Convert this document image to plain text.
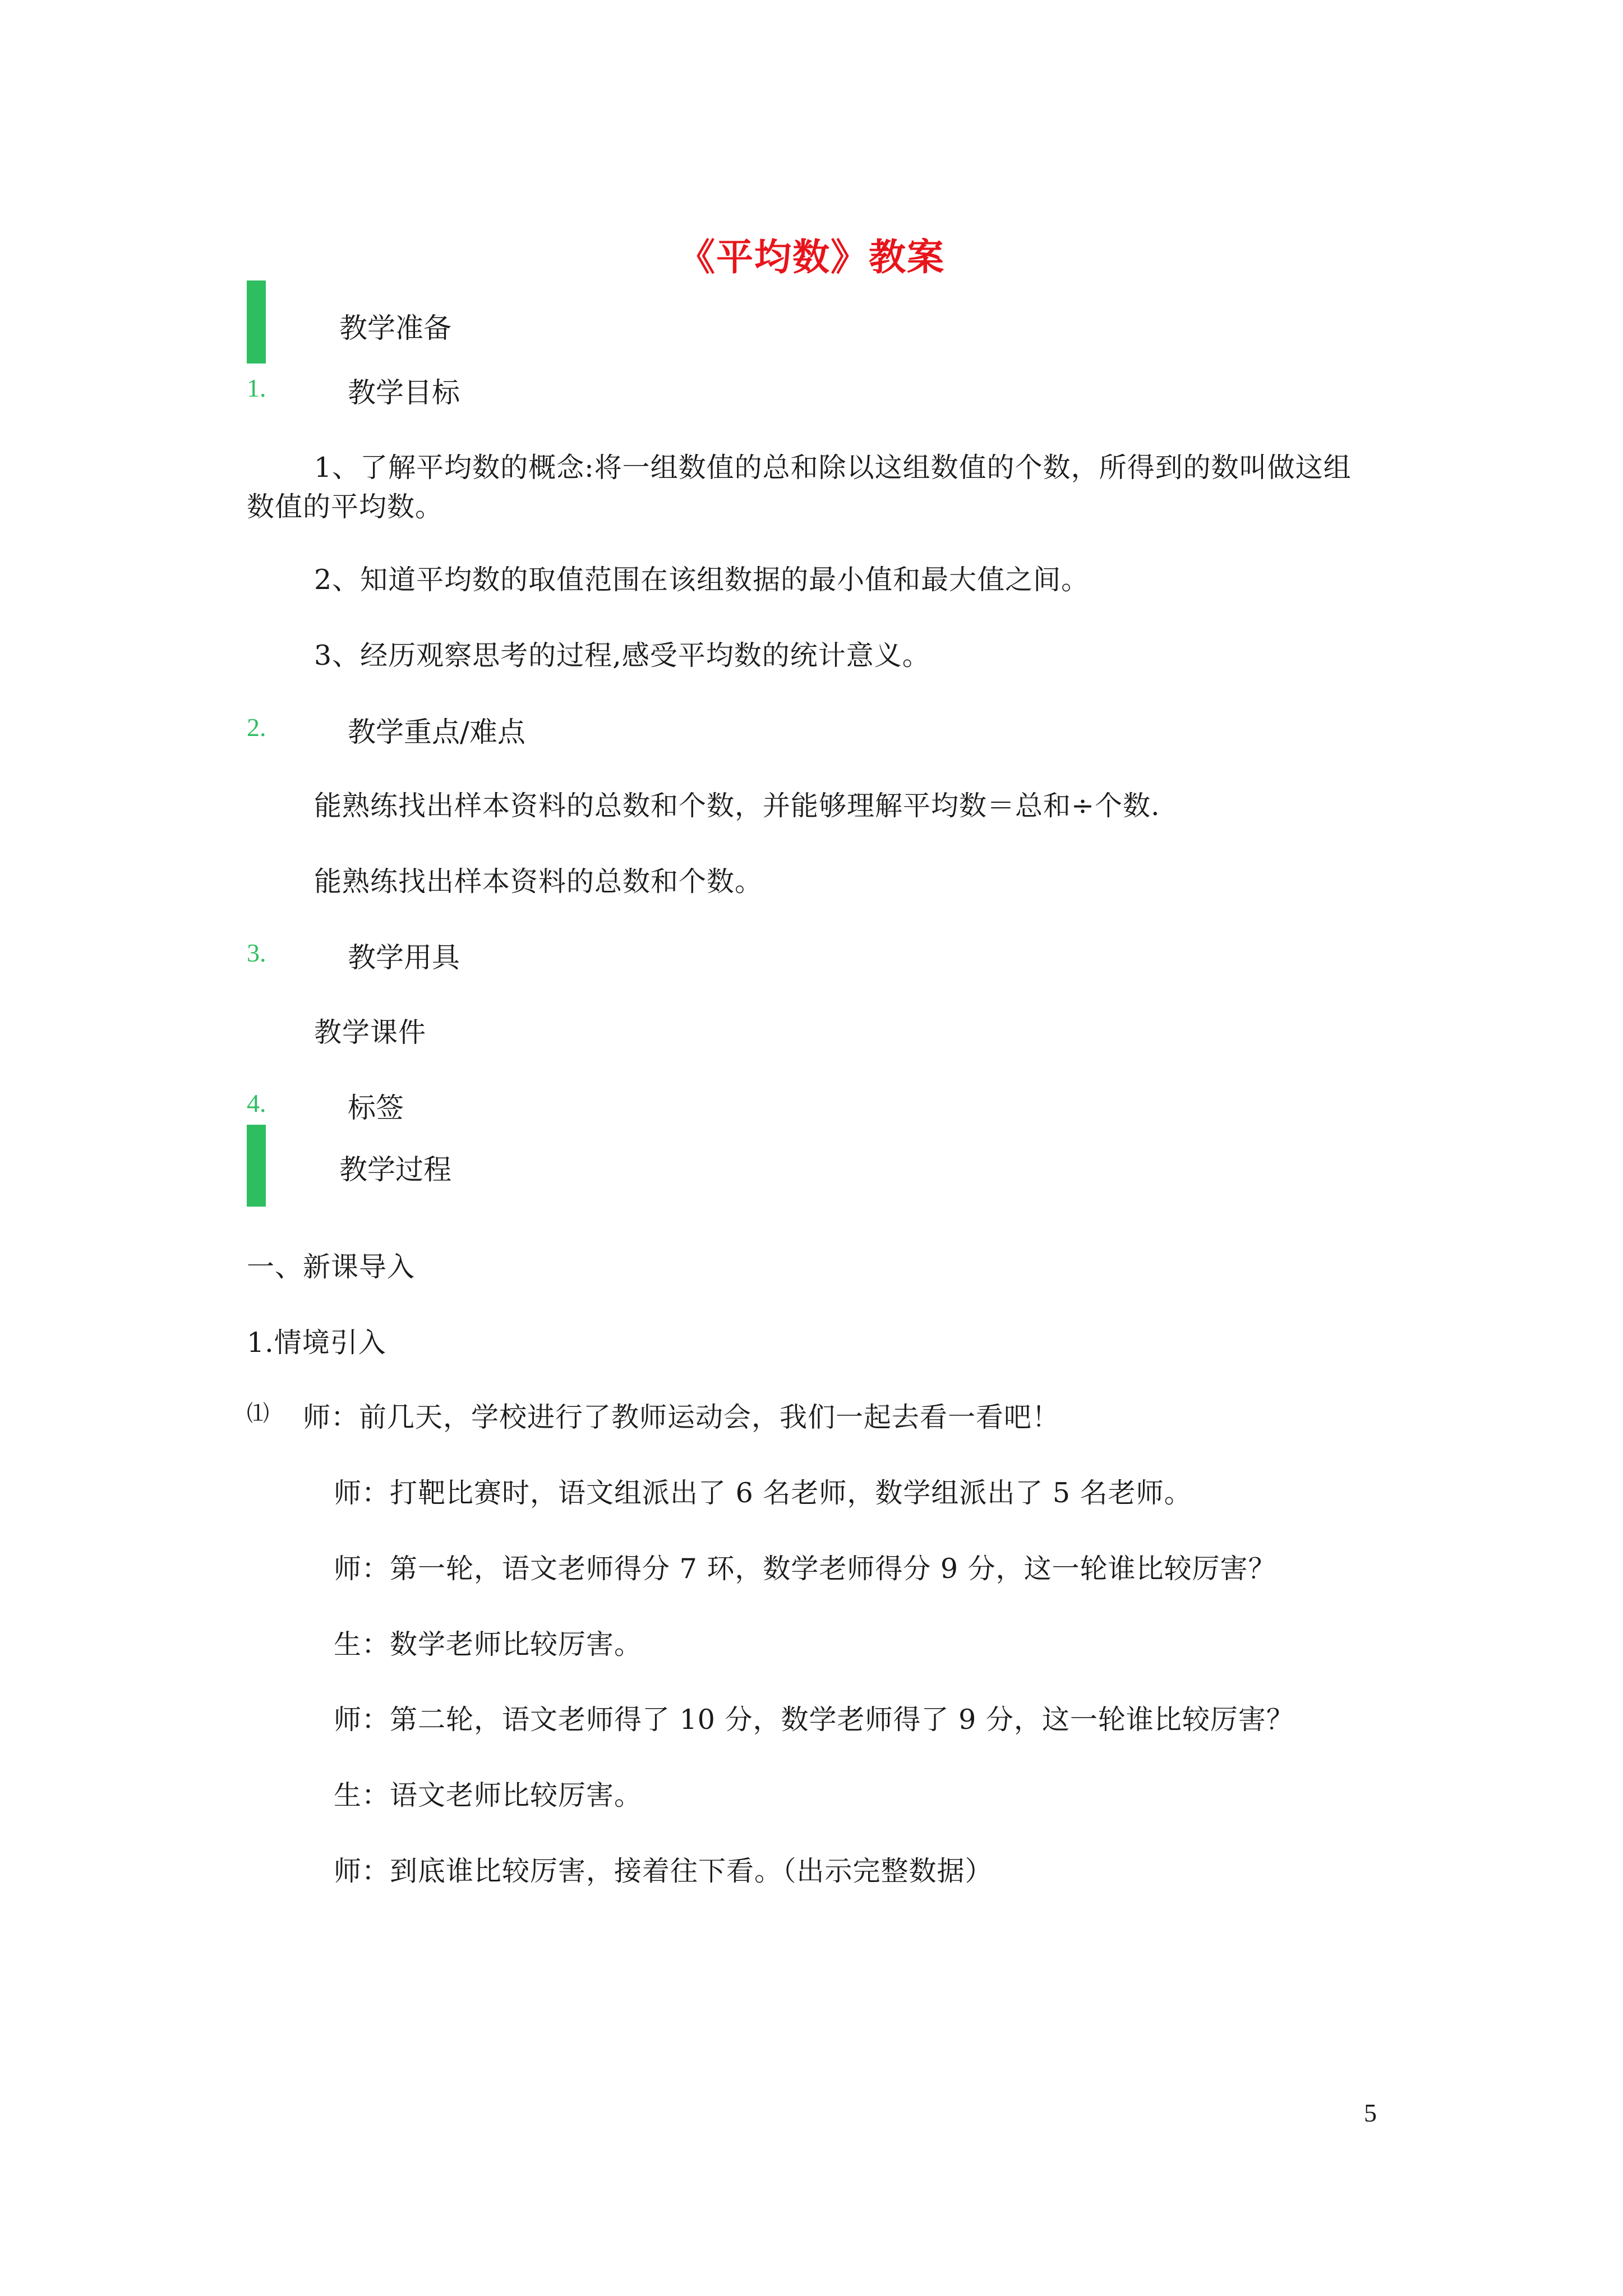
《平均数》教案
教学准备
1.	教学目标
1、了解平均数的概念:将一组数值的总和除以这组数值的个数，所得到的数叫做这组
数值的平均数。
2、知道平均数的取值范围在该组数据的最小值和最大值之间。
3、经历观察思考的过程,感受平均数的统计意义。
2.	教学重点/难点
能熟练找出样本资料的总数和个数，并能够理解平均数＝总和÷个数.
能熟练找出样本资料的总数和个数。
3.	教学用具
教学课件
4.	标签
教学过程
一、新课导入
1.情境引入
⑴ 师：前几天，学校进行了教师运动会，我们一起去看一看吧！
师：打靶比赛时，语文组派出了 6 名老师，数学组派出了 5 名老师。
师：第一轮，语文老师得分 7 环，数学老师得分 9 分，这一轮谁比较厉害？
生：数学老师比较厉害。
师：第二轮，语文老师得了 10 分，数学老师得了 9 分，这一轮谁比较厉害？
生：语文老师比较厉害。
师：到底谁比较厉害，接着往下看。（出示完整数据）
5
